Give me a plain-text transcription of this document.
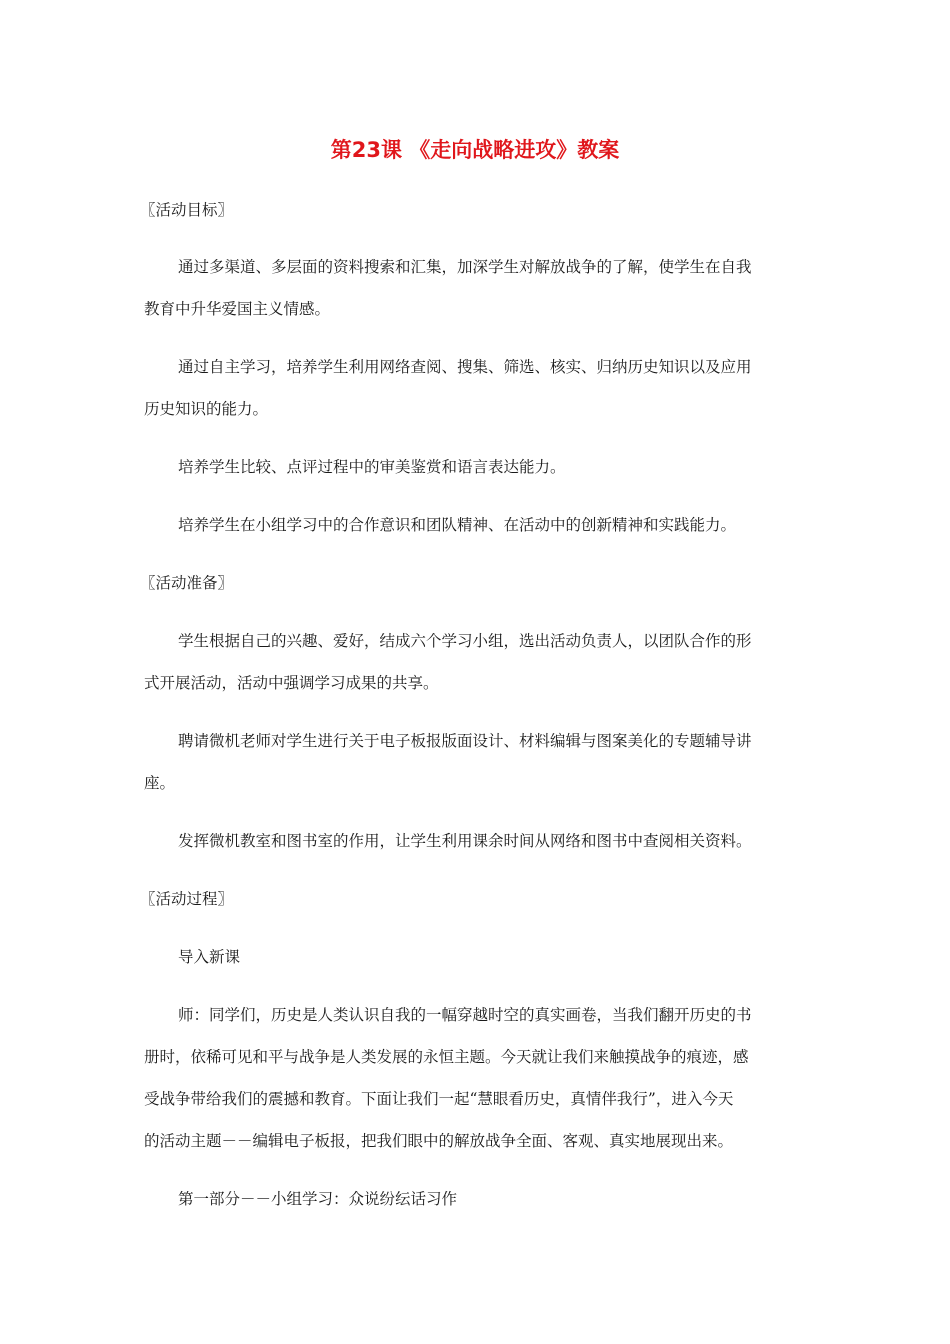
第23课 《走向战略进攻》教案
〖活动目标〗
通过多渠道、多层面的资料搜索和汇集，加深学生对解放战争的了解，使学生在自我
教育中升华爱国主义情感。
通过自主学习，培养学生利用网络查阅、搜集、筛选、核实、归纳历史知识以及应用
历史知识的能力。
培养学生比较、点评过程中的审美鉴赏和语言表达能力。
培养学生在小组学习中的合作意识和团队精神、在活动中的创新精神和实践能力。
〖活动准备〗
学生根据自己的兴趣、爱好，结成六个学习小组，选出活动负责人，以团队合作的形
式开展活动，活动中强调学习成果的共享。
聘请微机老师对学生进行关于电子板报版面设计、材料编辑与图案美化的专题辅导讲
座。
发挥微机教室和图书室的作用，让学生利用课余时间从网络和图书中查阅相关资料。
〖活动过程〗
导入新课
师：同学们，历史是人类认识自我的一幅穿越时空的真实画卷，当我们翻开历史的书
册时，依稀可见和平与战争是人类发展的永恒主题。今天就让我们来触摸战争的痕迹，感
受战争带给我们的震撼和教育。下面让我们一起“慧眼看历史，真情伴我行”，进入今天
的活动主题－－编辑电子板报，把我们眼中的解放战争全面、客观、真实地展现出来。
第一部分－－小组学习：众说纷纭话习作
